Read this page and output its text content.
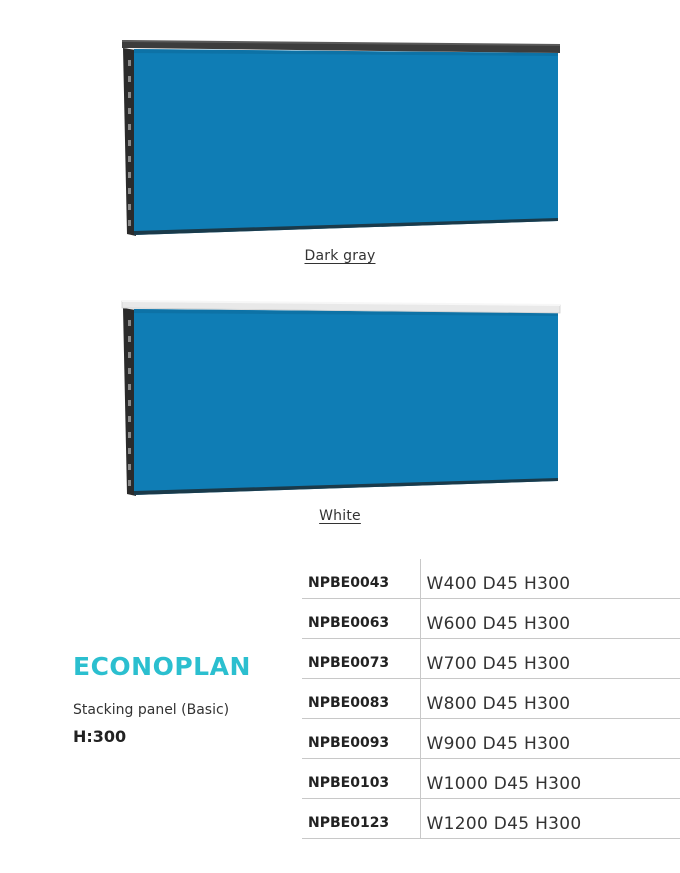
Dark gray
White
ECONOPLAN
Stacking panel (Basic)
H:300
NPBE0043	W400 D45 H300
NPBE0063	W600 D45 H300
NPBE0073	W700 D45 H300
NPBE0083	W800 D45 H300
NPBE0093	W900 D45 H300
NPBE0103	W1000 D45 H300
NPBE0123	W1200 D45 H300
